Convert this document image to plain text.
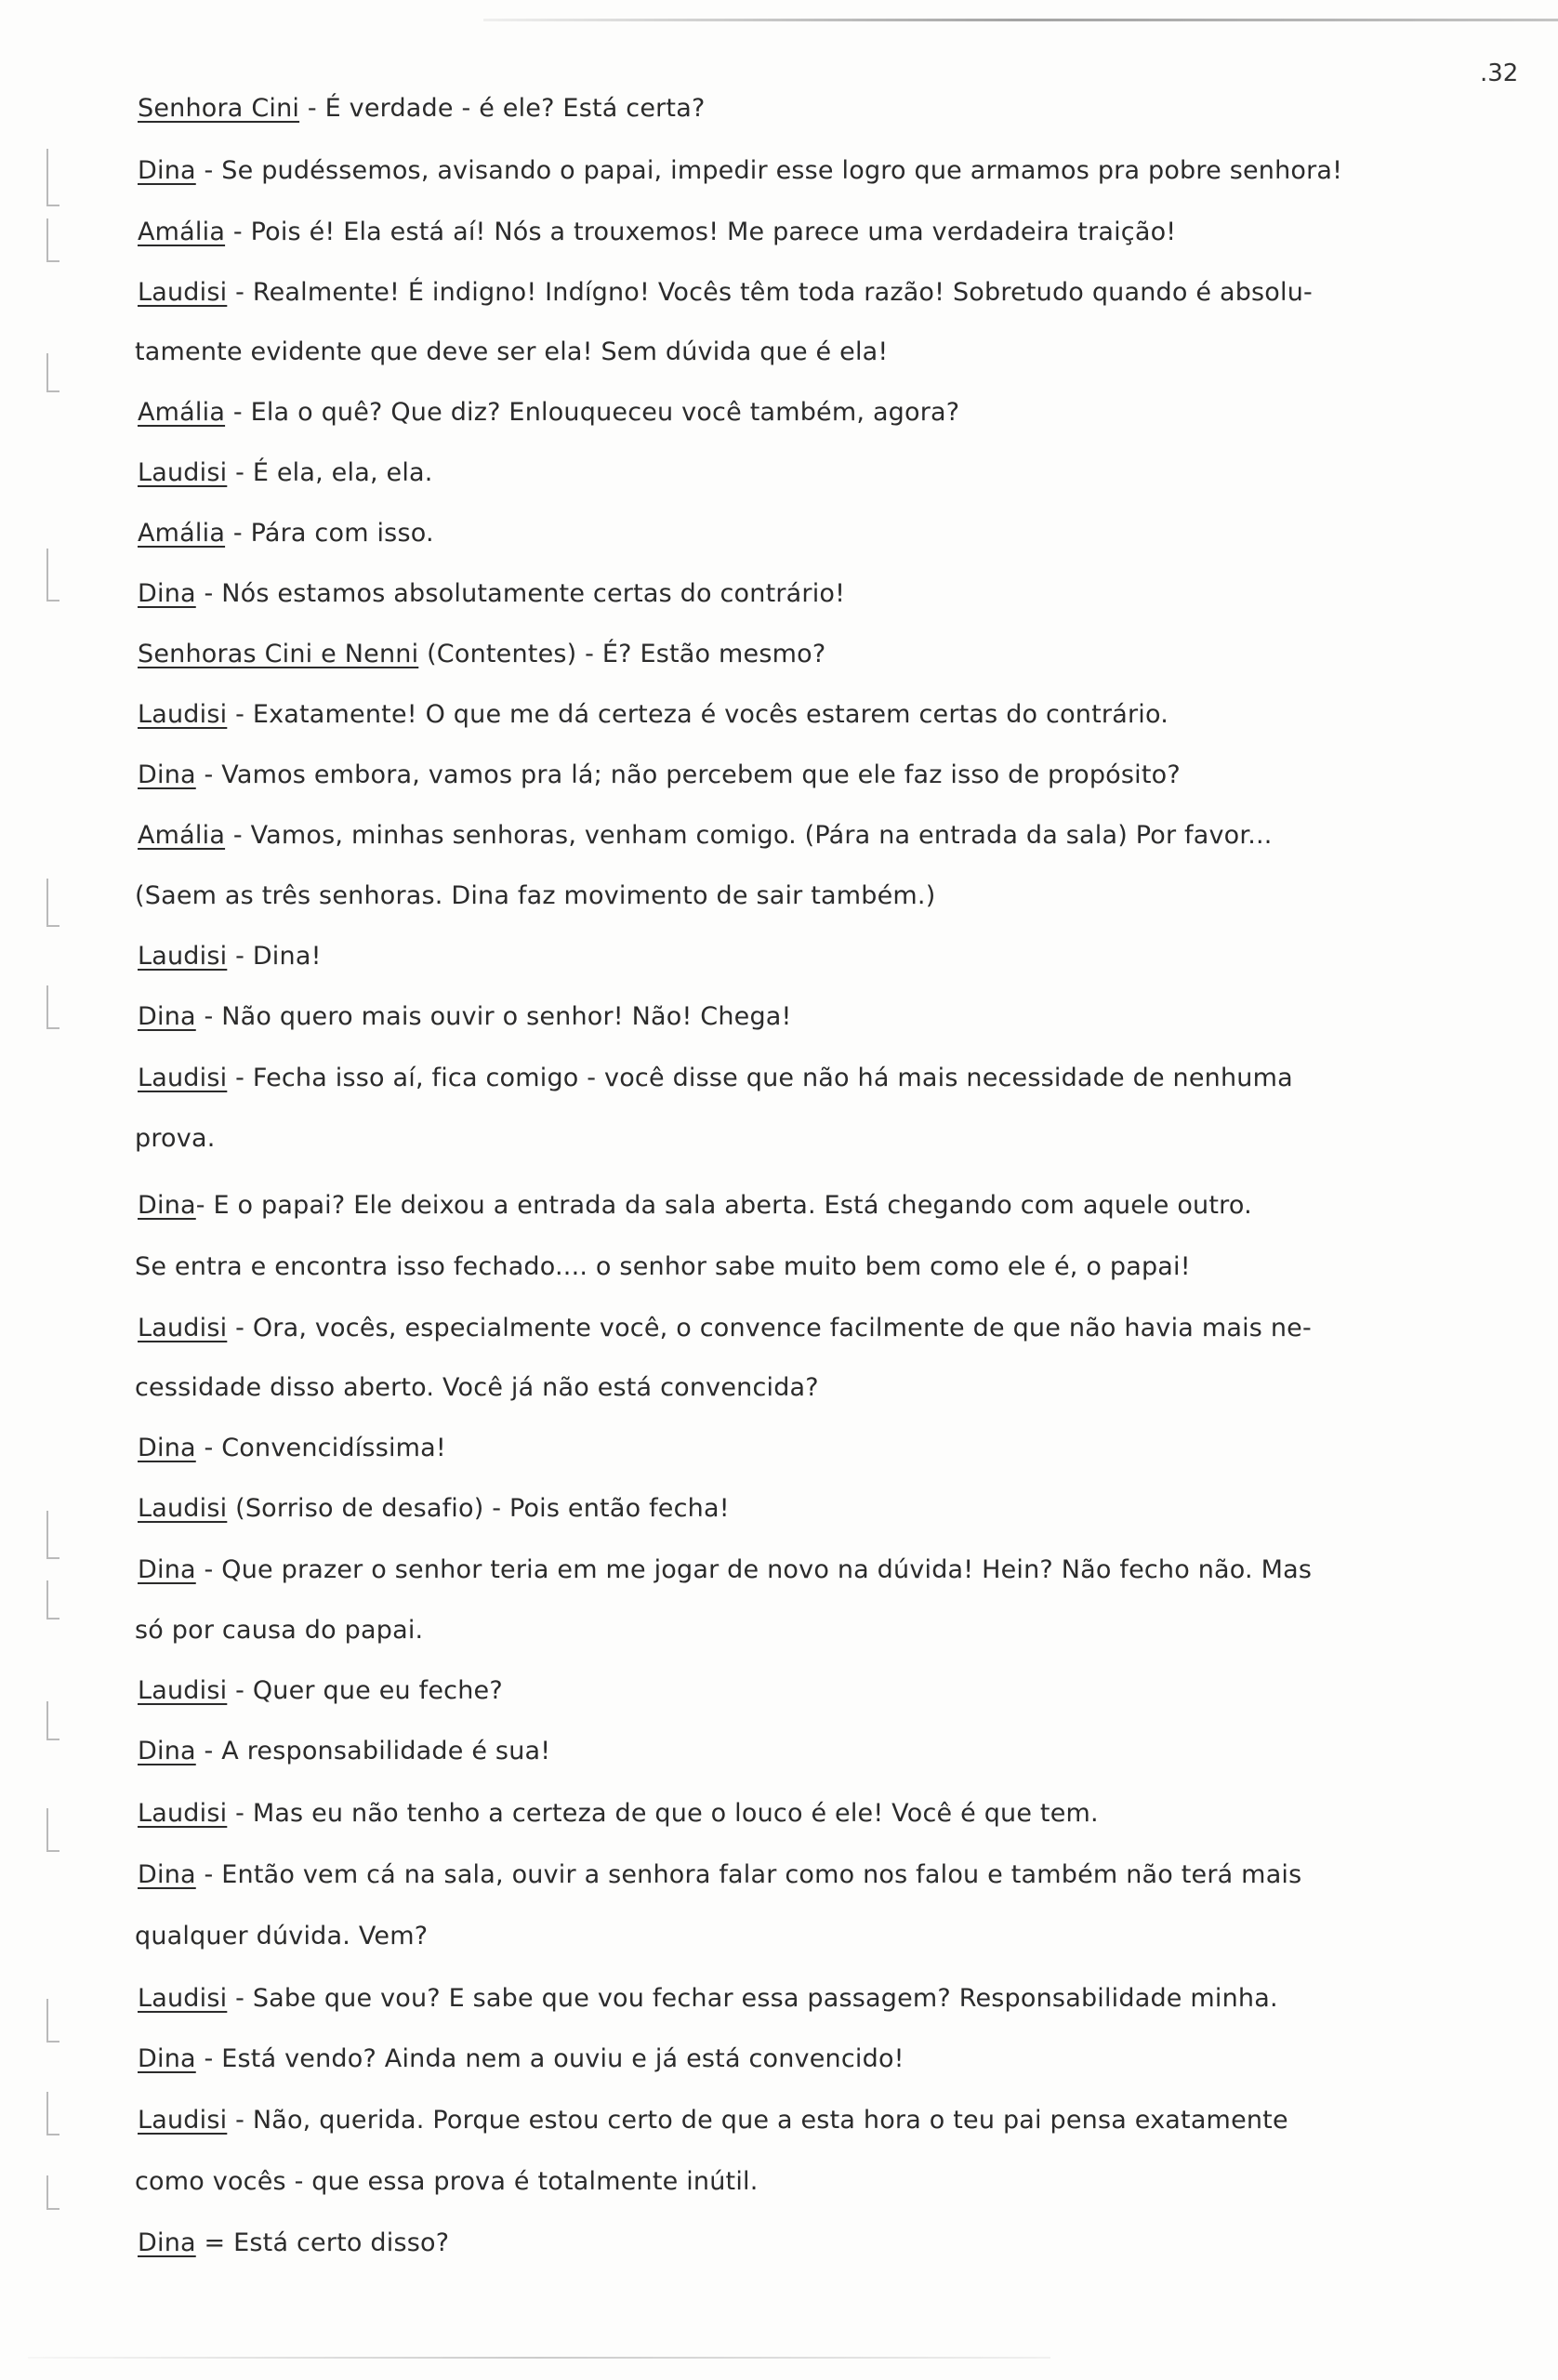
.32
Senhora Cini - É verdade - é ele? Está certa?
Dina - Se pudéssemos, avisando o papai, impedir esse logro que armamos pra pobre senhora!
Amália - Pois é! Ela está aí! Nós a trouxemos! Me parece uma verdadeira traição!
Laudisi - Realmente! É indigno! Indígno! Vocês têm toda razão! Sobretudo quando é absolu-
tamente evidente que deve ser ela! Sem dúvida que é ela!
Amália - Ela o quê? Que diz? Enlouqueceu você também, agora?
Laudisi - É ela, ela, ela.
Amália - Pára com isso.
Dina - Nós estamos absolutamente certas do contrário!
Senhoras Cini e Nenni (Contentes) - É? Estão mesmo?
Laudisi - Exatamente! O que me dá certeza é vocês estarem certas do contrário.
Dina - Vamos embora, vamos pra lá; não percebem que ele faz isso de propósito?
Amália - Vamos, minhas senhoras, venham comigo. (Pára na entrada da sala) Por favor...
(Saem as três senhoras. Dina faz movimento de sair também.)
Laudisi - Dina!
Dina - Não quero mais ouvir o senhor! Não! Chega!
Laudisi - Fecha isso aí, fica comigo - você disse que não há mais necessidade de nenhuma
prova.
Dina- E o papai? Ele deixou a entrada da sala aberta. Está chegando com aquele outro.
Se entra e encontra isso fechado.... o senhor sabe muito bem como ele é, o papai!
Laudisi - Ora, vocês, especialmente você, o convence facilmente de que não havia mais ne-
cessidade disso aberto. Você já não está convencida?
Dina - Convencidíssima!
Laudisi (Sorriso de desafio) - Pois então fecha!
Dina - Que prazer o senhor teria em me jogar de novo na dúvida! Hein? Não fecho não. Mas
só por causa do papai.
Laudisi - Quer que eu feche?
Dina - A responsabilidade é sua!
Laudisi - Mas eu não tenho a certeza de que o louco é ele! Você é que tem.
Dina - Então vem cá na sala, ouvir a senhora falar como nos falou e também não terá mais
qualquer dúvida. Vem?
Laudisi - Sabe que vou? E sabe que vou fechar essa passagem? Responsabilidade minha.
Dina - Está vendo? Ainda nem a ouviu e já está convencido!
Laudisi - Não, querida. Porque estou certo de que a esta hora o teu pai pensa exatamente
como vocês - que essa prova é totalmente inútil.
Dina = Está certo disso?
